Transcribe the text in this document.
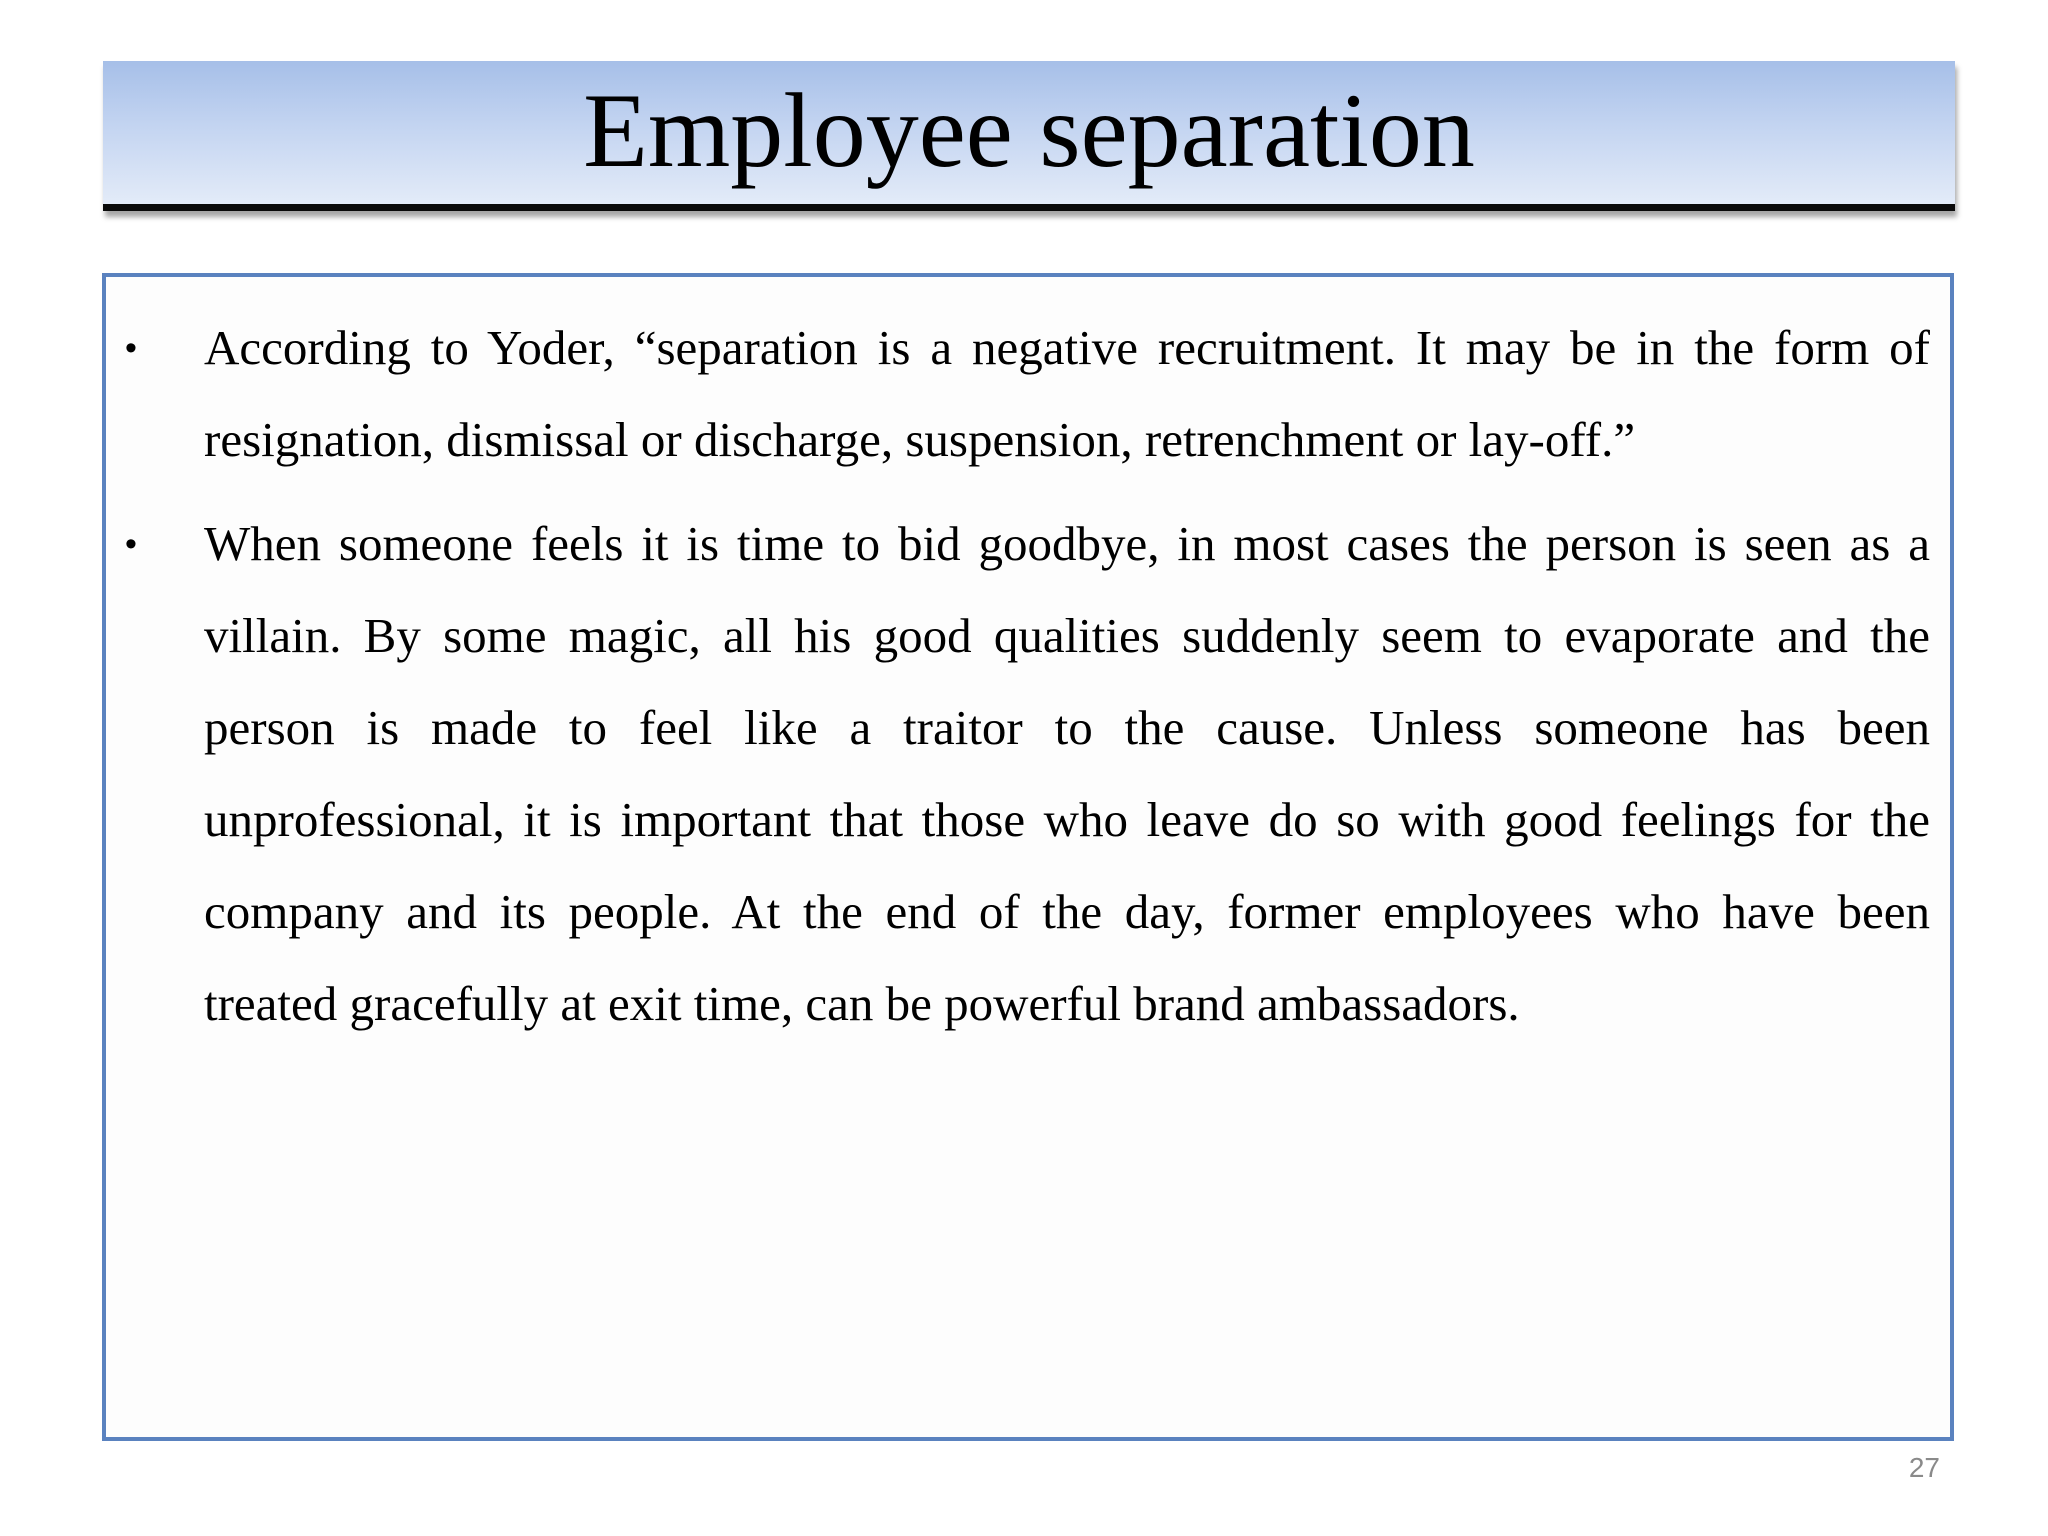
Employee separation
• According to Yoder, “separation is a negative recruitment. It may be in the form of resignation, dismissal or discharge, suspension, retrenchment or lay-off.”
• When someone feels it is time to bid goodbye, in most cases the person is seen as a villain. By some magic, all his good qualities suddenly seem to evaporate and the person is made to feel like a traitor to the cause. Unless someone has been unprofessional, it is important that those who leave do so with good feelings for the company and its people. At the end of the day, former employees who have been treated gracefully at exit time, can be powerful brand ambassadors.
27
